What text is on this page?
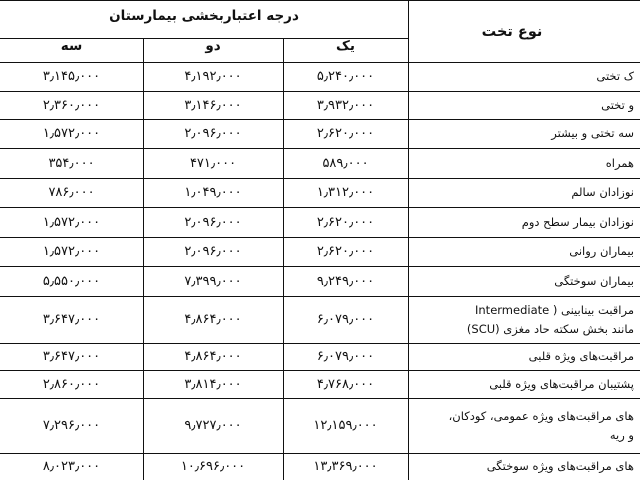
درجه اعتباربخشی بیمارستان
نوع تخت
یک
دو
سه
۳٫۱۴۵٫۰۰۰	۴٫۱۹۲٫۰۰۰	۵٫۲۴۰٫۰۰۰	ک تختی
۲٫۳۶۰٫۰۰۰	۳٫۱۴۶٫۰۰۰	۳٫۹۳۲٫۰۰۰	و تختی
۱٫۵۷۲٫۰۰۰	۲٫۰۹۶٫۰۰۰	۲٫۶۲۰٫۰۰۰	سه تختی و بیشتر
۳۵۴٫۰۰۰	۴۷۱٫۰۰۰	۵۸۹٫۰۰۰	همراه
۷۸۶٫۰۰۰	۱٫۰۴۹٫۰۰۰	۱٫۳۱۲٫۰۰۰	نوزادان سالم
۱٫۵۷۲٫۰۰۰	۲٫۰۹۶٫۰۰۰	۲٫۶۲۰٫۰۰۰	نوزادان بیمار سطح دوم
۱٫۵۷۲٫۰۰۰	۲٫۰۹۶٫۰۰۰	۲٫۶۲۰٫۰۰۰	بیماران روانی
۵٫۵۵۰٫۰۰۰	۷٫۳۹۹٫۰۰۰	۹٫۲۴۹٫۰۰۰	بیماران سوختگی
۳٫۶۴۷٫۰۰۰	۴٫۸۶۴٫۰۰۰	۶٫۰۷۹٫۰۰۰
مراقبت بینابینی ( Intermediate
مانند بخش سکته حاد مغزی (SCU)
۳٫۶۴۷٫۰۰۰	۴٫۸۶۴٫۰۰۰	۶٫۰۷۹٫۰۰۰	مراقبت‌های ویژه قلبی
۲٫۸۶۰٫۰۰۰	۳٫۸۱۴٫۰۰۰	۴٫۷۶۸٫۰۰۰	پشتیبان مراقبت‌های ویژه قلبی
۷٫۲۹۶٫۰۰۰	۹٫۷۲۷٫۰۰۰	۱۲٫۱۵۹٫۰۰۰
های مراقبت‌های ویژه عمومی، کودکان،
و ریه
۸٫۰۲۳٫۰۰۰	۱۰٫۶۹۶٫۰۰۰	۱۳٫۳۶۹٫۰۰۰	های مراقبت‌های ویژه سوختگی
